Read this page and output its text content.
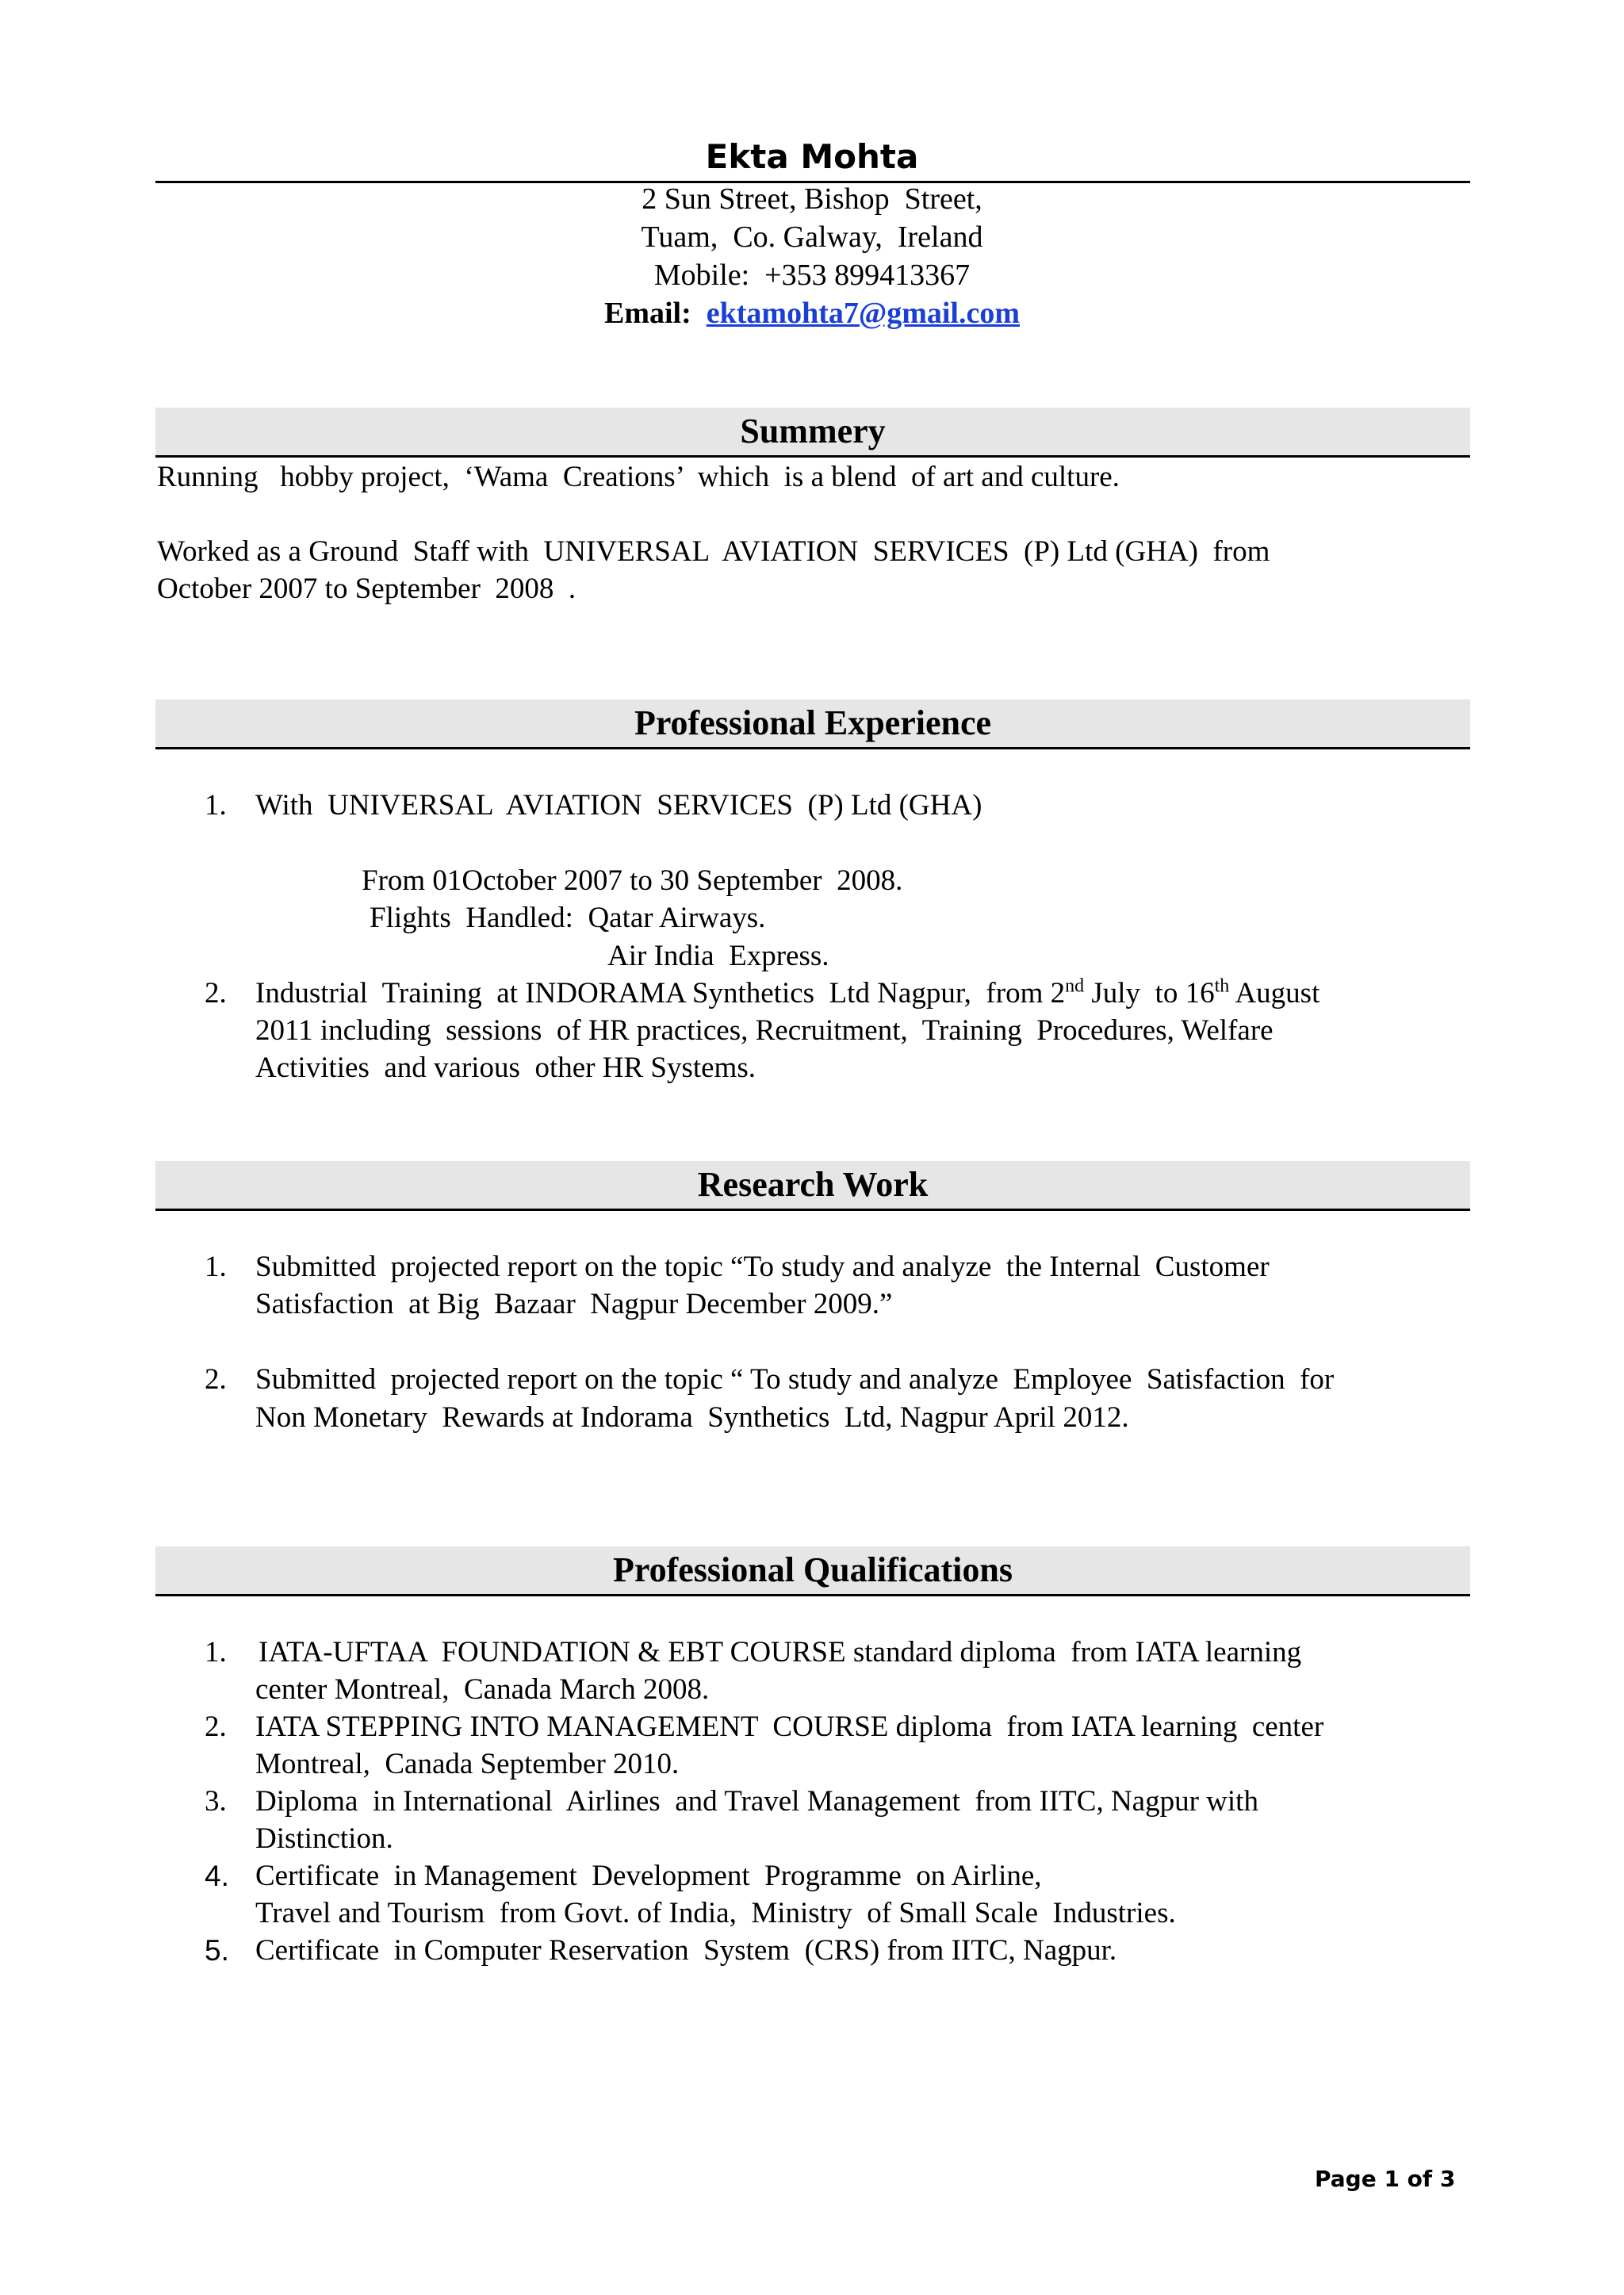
Ekta Mohta
2 Sun Street, Bishop  Street,
Tuam,  Co. Galway,  Ireland
Mobile:  +353 899413367
Email: ektamohta7@gmail.com
Summery
Running   hobby project,  ‘Wama  Creations’  which  is a blend  of art and culture.
Worked as a Ground  Staff with  UNIVERSAL  AVIATION  SERVICES  (P) Ltd (GHA)  from
October 2007 to September  2008  .
Professional Experience
1. With  UNIVERSAL  AVIATION  SERVICES  (P) Ltd (GHA)
From 01October 2007 to 30 September  2008.
Flights  Handled:  Qatar Airways.
Air India  Express.
2. Industrial  Training  at INDORAMA Synthetics  Ltd Nagpur,  from 2nd July  to 16th August
2011 including  sessions  of HR practices, Recruitment,  Training  Procedures, Welfare
Activities  and various  other HR Systems.
Research Work
1. Submitted  projected report on the topic “To study and analyze  the Internal  Customer
Satisfaction  at Big  Bazaar  Nagpur December 2009.”
2. Submitted  projected report on the topic “ To study and analyze  Employee  Satisfaction  for
Non Monetary  Rewards at Indorama  Synthetics  Ltd, Nagpur April 2012.
Professional Qualifications
1.	IATA-UFTAA  FOUNDATION & EBT COURSE standard diploma  from IATA learning
center Montreal,  Canada March 2008.
2. IATA STEPPING INTO MANAGEMENT  COURSE diploma  from IATA learning  center
Montreal,  Canada September 2010.
3. Diploma  in International  Airlines  and Travel Management  from IITC, Nagpur with
Distinction.
4. Certificate  in Management  Development  Programme  on Airline,
Travel and Tourism  from Govt. of India,  Ministry  of Small Scale  Industries.
5. Certificate  in Computer Reservation  System  (CRS) from IITC, Nagpur.
Page 1 of 3
